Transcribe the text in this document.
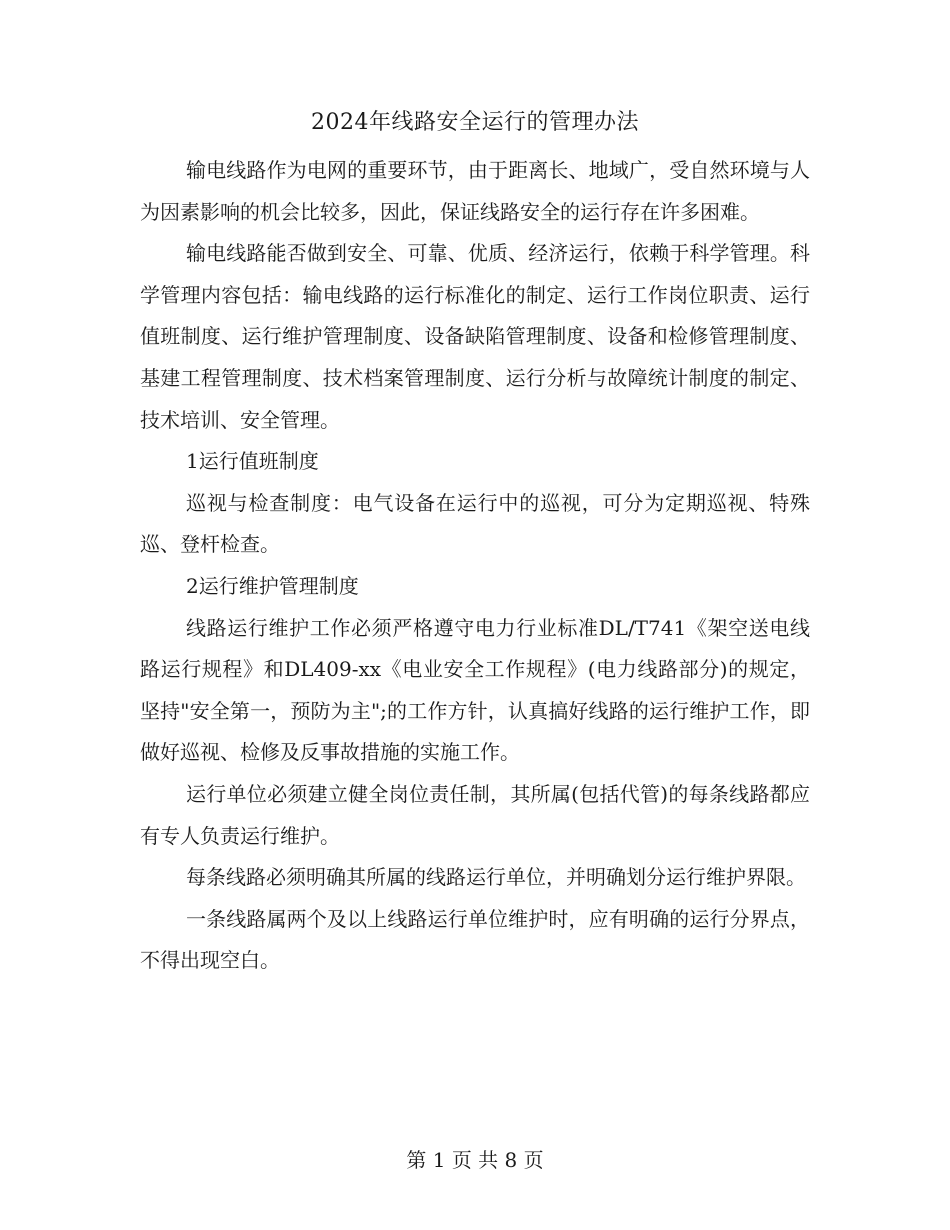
2024年线路安全运行的管理办法

输电线路作为电网的重要环节，由于距离长、地域广，受自然环境与人为因素影响的机会比较多，因此，保证线路安全的运行存在许多困难。

输电线路能否做到安全、可靠、优质、经济运行，依赖于科学管理。科学管理内容包括：输电线路的运行标准化的制定、运行工作岗位职责、运行值班制度、运行维护管理制度、设备缺陷管理制度、设备和检修管理制度、基建工程管理制度、技术档案管理制度、运行分析与故障统计制度的制定、技术培训、安全管理。

1运行值班制度

巡视与检查制度：电气设备在运行中的巡视，可分为定期巡视、特殊巡、登杆检查。

2运行维护管理制度

线路运行维护工作必须严格遵守电力行业标准DL/T741《架空送电线路运行规程》和DL409-xx《电业安全工作规程》(电力线路部分)的规定，坚持"安全第一，预防为主";的工作方针，认真搞好线路的运行维护工作，即做好巡视、检修及反事故措施的实施工作。

运行单位必须建立健全岗位责任制，其所属(包括代管)的每条线路都应有专人负责运行维护。

每条线路必须明确其所属的线路运行单位，并明确划分运行维护界限。

一条线路属两个及以上线路运行单位维护时，应有明确的运行分界点，不得出现空白。

第 1 页 共 8 页
